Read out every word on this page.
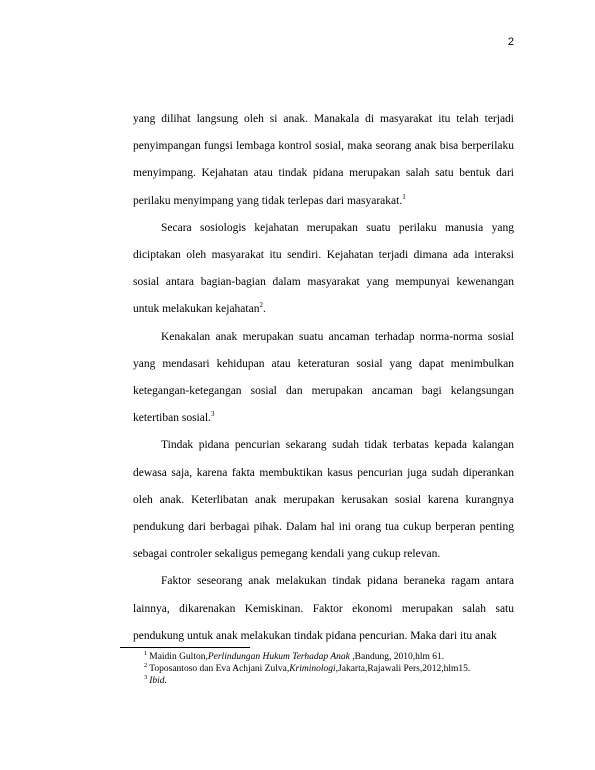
2

yang dilihat langsung oleh si anak. Manakala di masyarakat itu telah terjadi penyimpangan fungsi lembaga kontrol sosial, maka seorang anak bisa berperilaku menyimpang. Kejahatan atau tindak pidana merupakan salah satu bentuk dari perilaku menyimpang yang tidak terlepas dari masyarakat.$^1$

Secara sosiologis kejahatan merupakan suatu perilaku manusia yang diciptakan oleh masyarakat itu sendiri. Kejahatan terjadi dimana ada interaksi sosial antara bagian-bagian dalam masyarakat yang mempunyai kewenangan untuk melakukan kejahatan$^2$.

Kenakalan anak merupakan suatu ancaman terhadap norma-norma sosial yang mendasari kehidupan atau keteraturan sosial yang dapat menimbulkan ketegangan-ketegangan sosial dan merupakan ancaman bagi kelangsungan ketertiban sosial.$^3$

Tindak pidana pencurian sekarang sudah tidak terbatas kepada kalangan dewasa saja, karena fakta membuktikan kasus pencurian juga sudah diperankan oleh anak. Keterlibatan anak merupakan kerusakan sosial karena kurangnya pendukung dari berbagai pihak. Dalam hal ini orang tua cukup berperan penting sebagai controler sekaligus pemegang kendali yang cukup relevan.

Faktor seseorang anak melakukan tindak pidana beraneka ragam antara lainnya, dikarenakan Kemiskinan. Faktor ekonomi merupakan salah satu pendukung untuk anak melakukan tindak pidana pencurian. Maka dari itu anak

$^1$ Maidin Gulton,Perlindungan Hukum Terhadap Anak ,Bandung, 2010,hlm 61.

$^2$ Toposantoso dan Eva Achjani Zulva,Kriminologi,Jakarta,Rajawali Pers,2012,hlm15.

$^3$ Ibid.
